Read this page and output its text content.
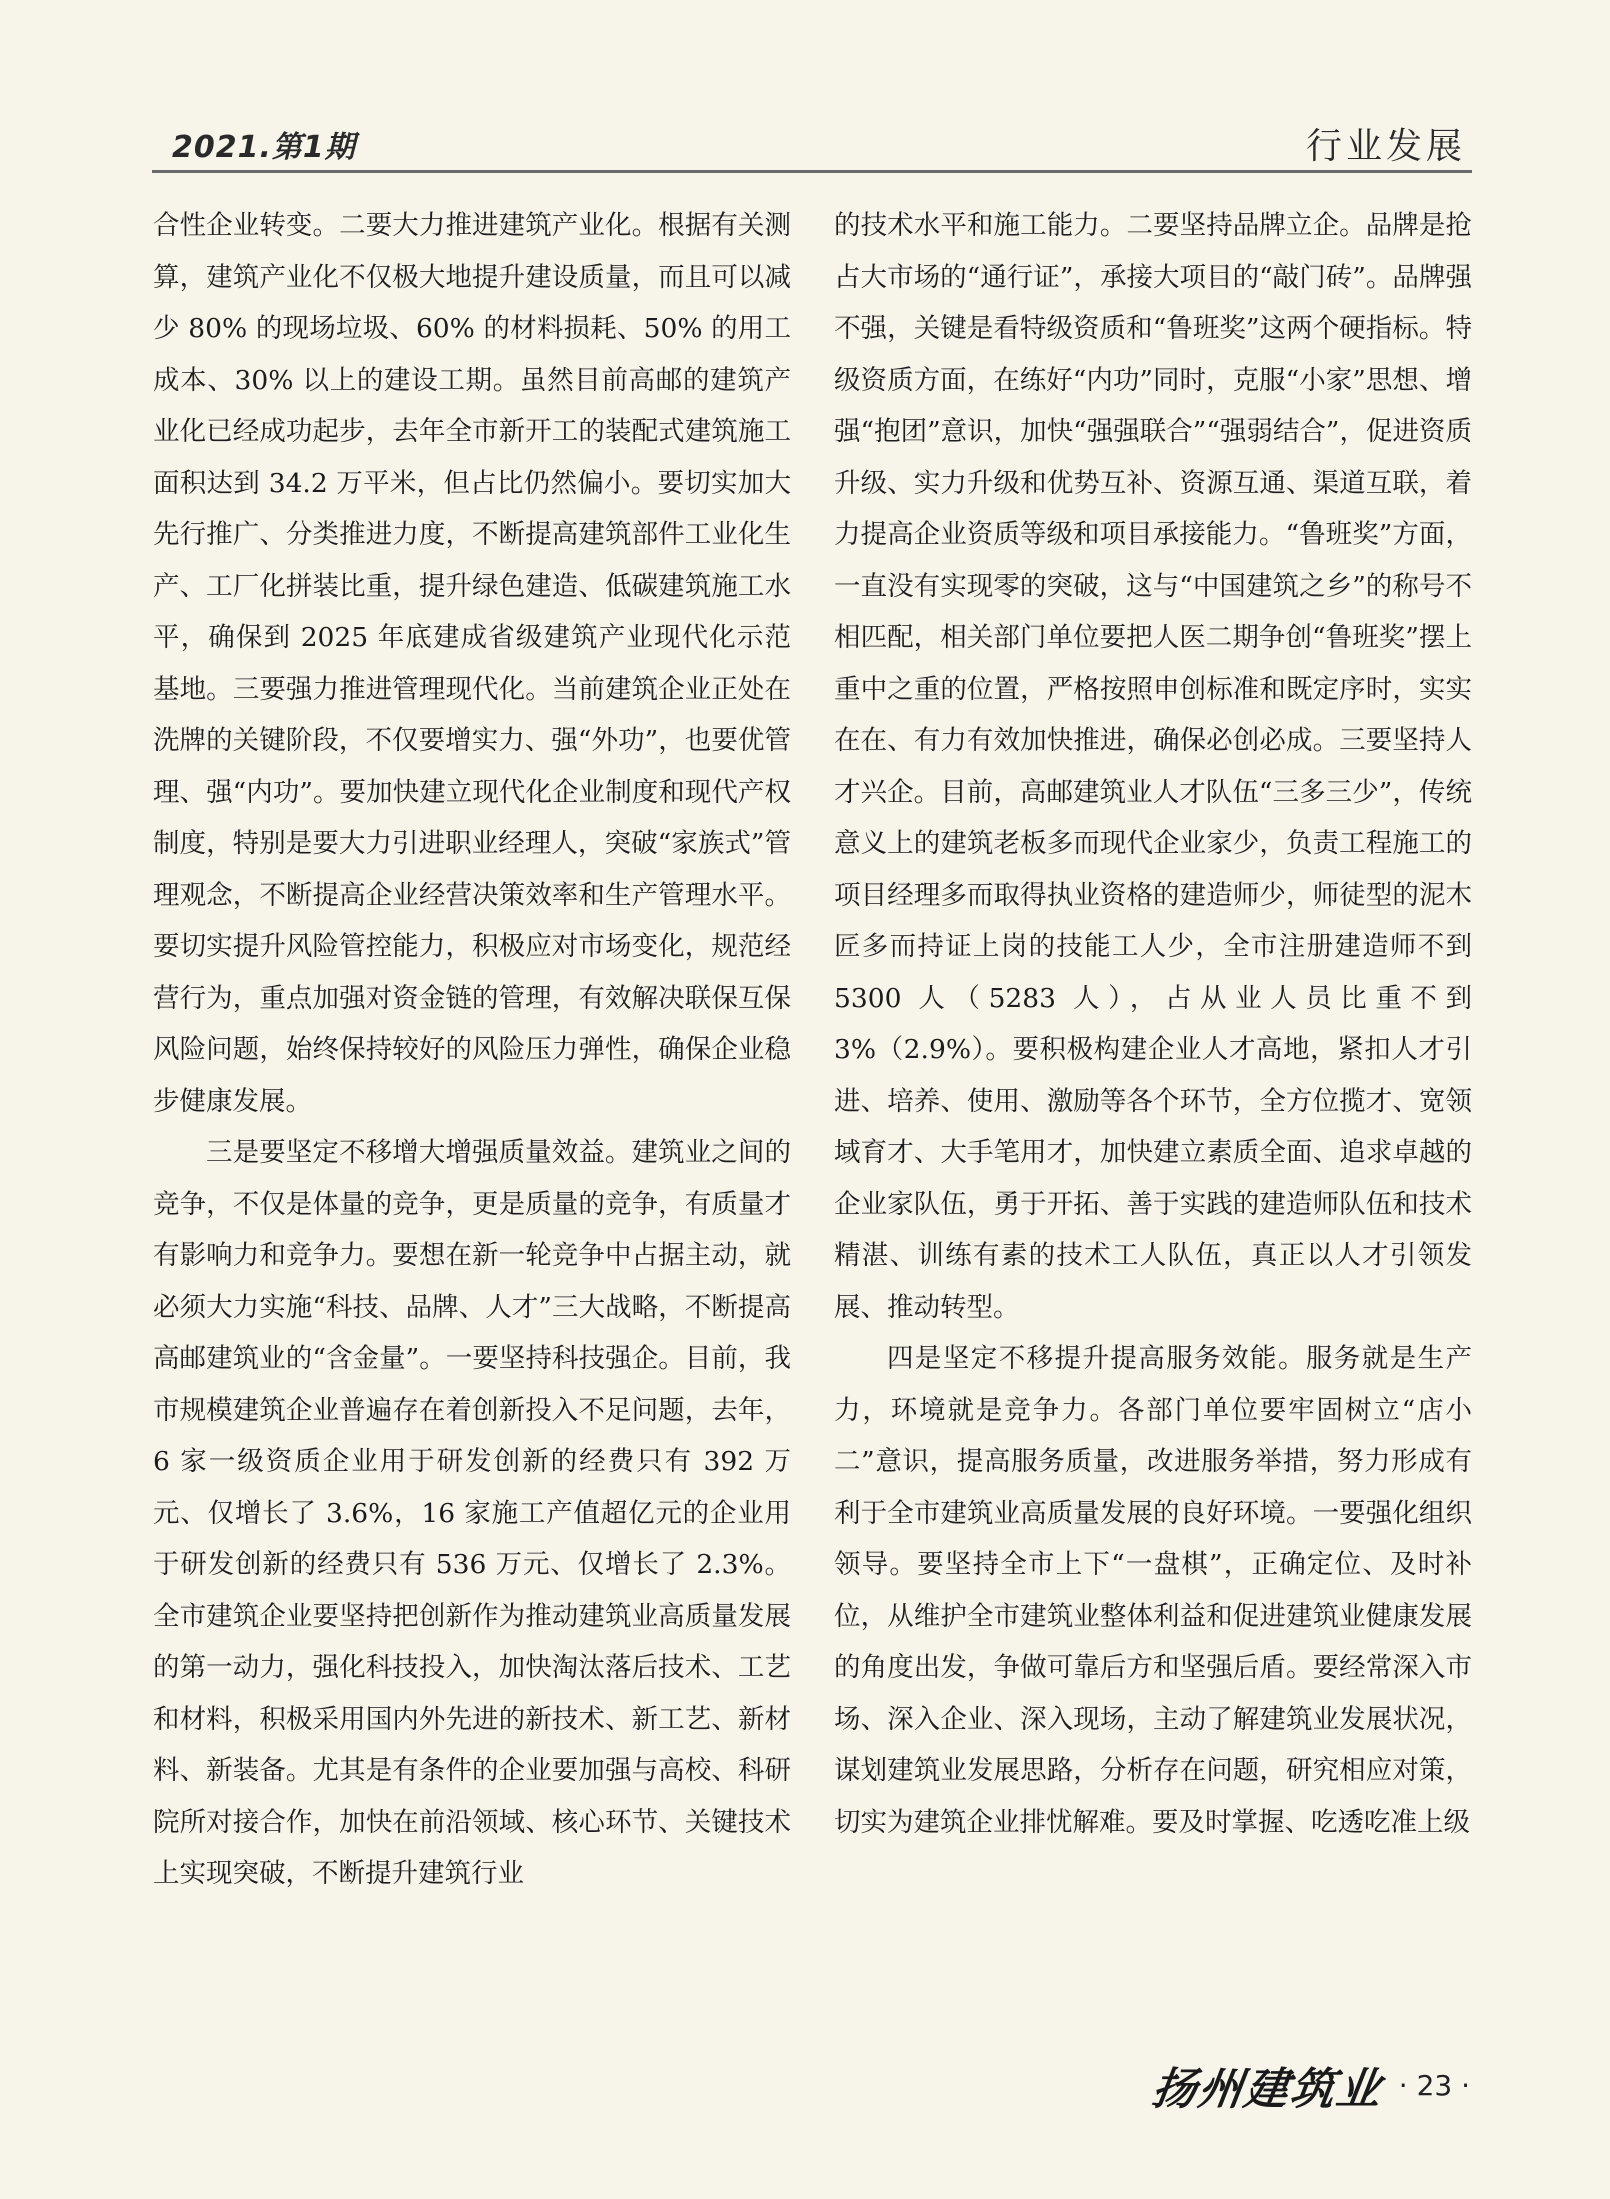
2021.第1期	行业发展

合性企业转变。二要大力推进建筑产业化。根据有关测算，建筑产业化不仅极大地提升建设质量，而且可以减少 80% 的现场垃圾、60% 的材料损耗、50% 的用工成本、30% 以上的建设工期。虽然目前高邮的建筑产业化已经成功起步，去年全市新开工的装配式建筑施工面积达到 34.2 万平米，但占比仍然偏小。要切实加大先行推广、分类推进力度，不断提高建筑部件工业化生产、工厂化拼装比重，提升绿色建造、低碳建筑施工水平，确保到 2025 年底建成省级建筑产业现代化示范基地。三要强力推进管理现代化。当前建筑企业正处在洗牌的关键阶段，不仅要增实力、强“外功”，也要优管理、强“内功”。要加快建立现代化企业制度和现代产权制度，特别是要大力引进职业经理人，突破“家族式”管理观念，不断提高企业经营决策效率和生产管理水平。要切实提升风险管控能力，积极应对市场变化，规范经营行为，重点加强对资金链的管理，有效解决联保互保风险问题，始终保持较好的风险压力弹性，确保企业稳步健康发展。

三是要坚定不移增大增强质量效益。建筑业之间的竞争，不仅是体量的竞争，更是质量的竞争，有质量才有影响力和竞争力。要想在新一轮竞争中占据主动，就必须大力实施“科技、品牌、人才”三大战略，不断提高高邮建筑业的“含金量”。一要坚持科技强企。目前，我市规模建筑企业普遍存在着创新投入不足问题，去年，6 家一级资质企业用于研发创新的经费只有 392 万元、仅增长了 3.6%，16 家施工产值超亿元的企业用于研发创新的经费只有 536 万元、仅增长了 2.3%。全市建筑企业要坚持把创新作为推动建筑业高质量发展的第一动力，强化科技投入，加快淘汰落后技术、工艺和材料，积极采用国内外先进的新技术、新工艺、新材料、新装备。尤其是有条件的企业要加强与高校、科研院所对接合作，加快在前沿领域、核心环节、关键技术上实现突破，不断提升建筑行业

的技术水平和施工能力。二要坚持品牌立企。品牌是抢占大市场的“通行证”，承接大项目的“敲门砖”。品牌强不强，关键是看特级资质和“鲁班奖”这两个硬指标。特级资质方面，在练好“内功”同时，克服“小家”思想、增强“抱团”意识，加快“强强联合”“强弱结合”，促进资质升级、实力升级和优势互补、资源互通、渠道互联，着力提高企业资质等级和项目承接能力。“鲁班奖”方面，一直没有实现零的突破，这与“中国建筑之乡”的称号不相匹配，相关部门单位要把人医二期争创“鲁班奖”摆上重中之重的位置，严格按照申创标准和既定序时，实实在在、有力有效加快推进，确保必创必成。三要坚持人才兴企。目前，高邮建筑业人才队伍“三多三少”，传统意义上的建筑老板多而现代企业家少，负责工程施工的项目经理多而取得执业资格的建造师少，师徒型的泥木匠多而持证上岗的技能工人少，全市注册建造师不到 5300 人（5283 人），占从业人员比重不到 3%（2.9%）。要积极构建企业人才高地，紧扣人才引进、培养、使用、激励等各个环节，全方位揽才、宽领域育才、大手笔用才，加快建立素质全面、追求卓越的企业家队伍，勇于开拓、善于实践的建造师队伍和技术精湛、训练有素的技术工人队伍，真正以人才引领发展、推动转型。

四是坚定不移提升提高服务效能。服务就是生产力，环境就是竞争力。各部门单位要牢固树立“店小二”意识，提高服务质量，改进服务举措，努力形成有利于全市建筑业高质量发展的良好环境。一要强化组织领导。要坚持全市上下“一盘棋”，正确定位、及时补位，从维护全市建筑业整体利益和促进建筑业健康发展的角度出发，争做可靠后方和坚强后盾。要经常深入市场、深入企业、深入现场，主动了解建筑业发展状况，谋划建筑业发展思路，分析存在问题，研究相应对策，切实为建筑企业排忧解难。要及时掌握、吃透吃准上级

扬州建筑业 · 23 ·
